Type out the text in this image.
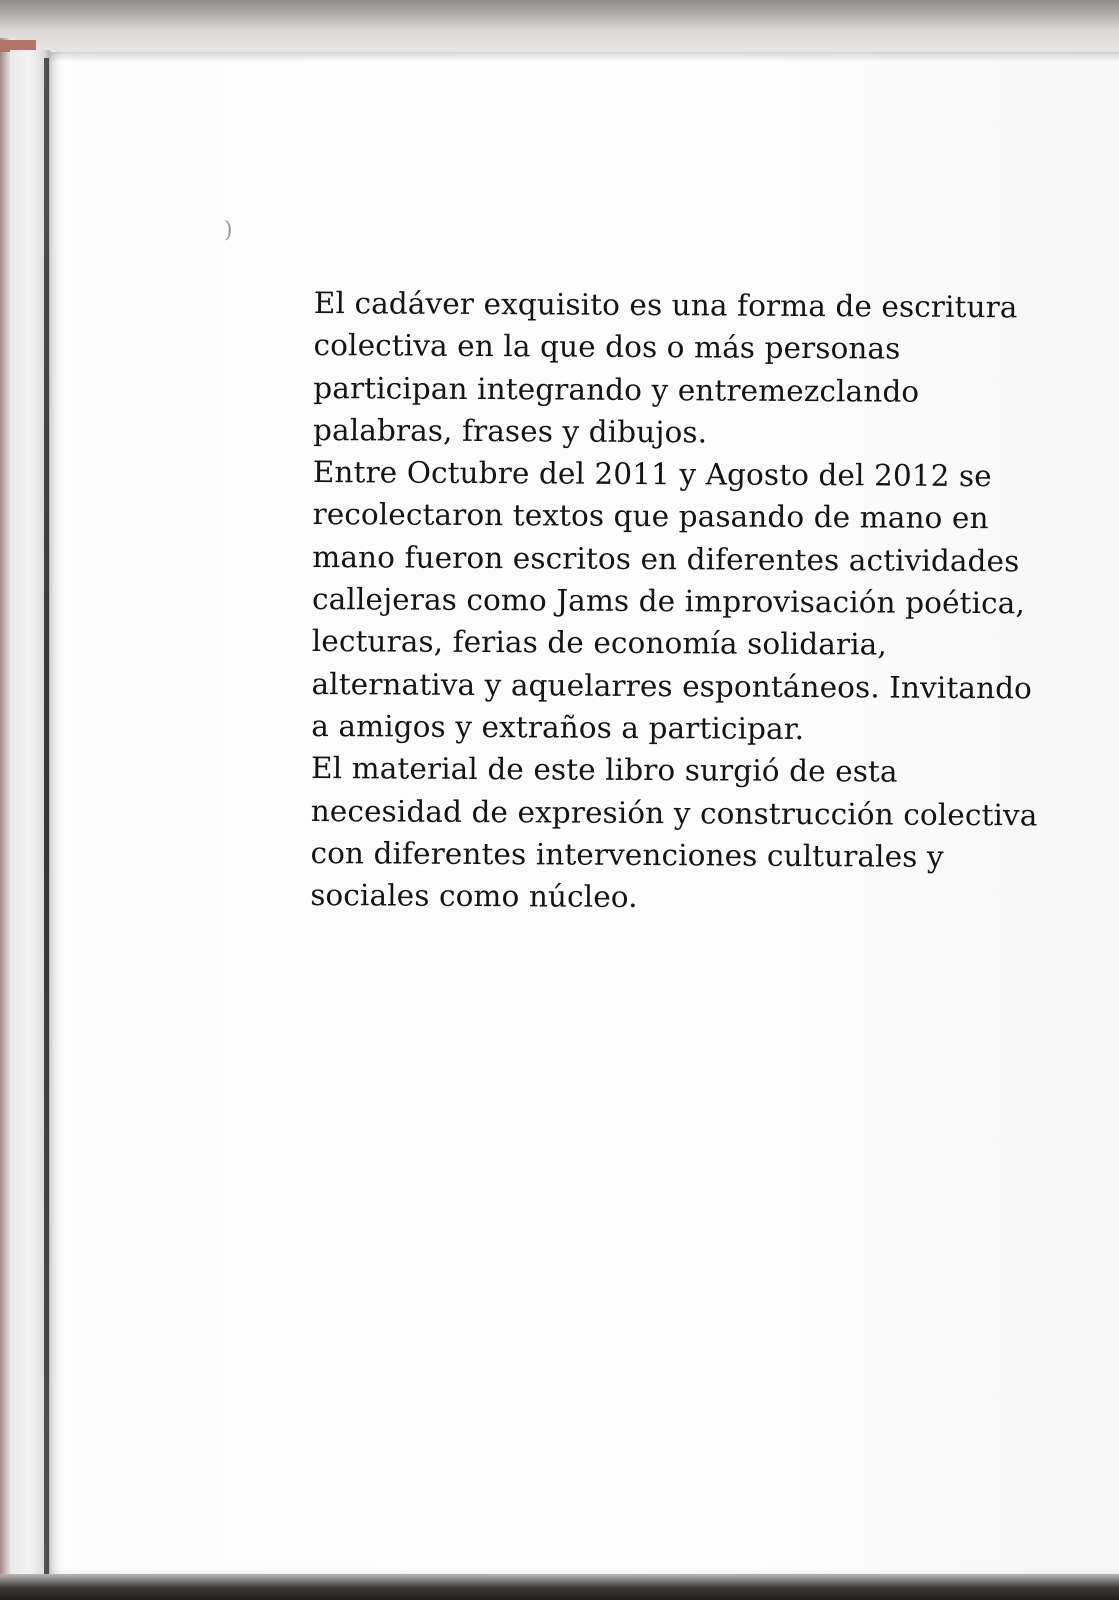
)
El cadáver exquisito es una forma de escritura
colectiva en la que dos o más personas
participan integrando y entremezclando
palabras, frases y dibujos.
Entre Octubre del 2011 y Agosto del 2012 se
recolectaron textos que pasando de mano en
mano fueron escritos en diferentes actividades
callejeras como Jams de improvisación poética,
lecturas, ferias de economía solidaria,
alternativa y aquelarres espontáneos. Invitando
a amigos y extraños a participar.
El material de este libro surgió de esta
necesidad de expresión y construcción colectiva
con diferentes intervenciones culturales y
sociales como núcleo.
